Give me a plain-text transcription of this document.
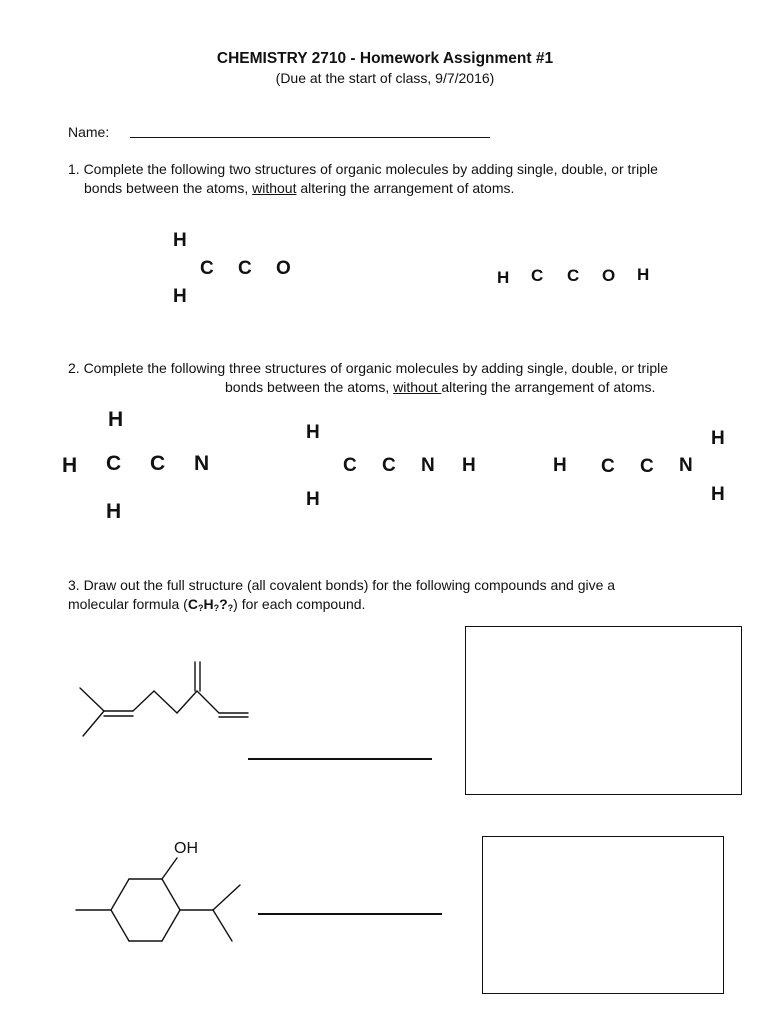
CHEMISTRY 2710 - Homework Assignment #1
(Due at the start of class, 9/7/2016)
Name:
1. Complete the following two structures of organic molecules by adding single, double, or triple
bonds between the atoms, without altering the arrangement of atoms.
H
C C O
H
H C C O H
2. Complete the following three structures of organic molecules by adding single, double, or triple
bonds between the atoms, without altering the arrangement of atoms.
H
H C C N
H
H
C C N H
H
H C C N
H
H
3. Draw out the full structure (all covalent bonds) for the following compounds and give a
molecular formula $(C_?H_??_?)$ for each compound.
OH
